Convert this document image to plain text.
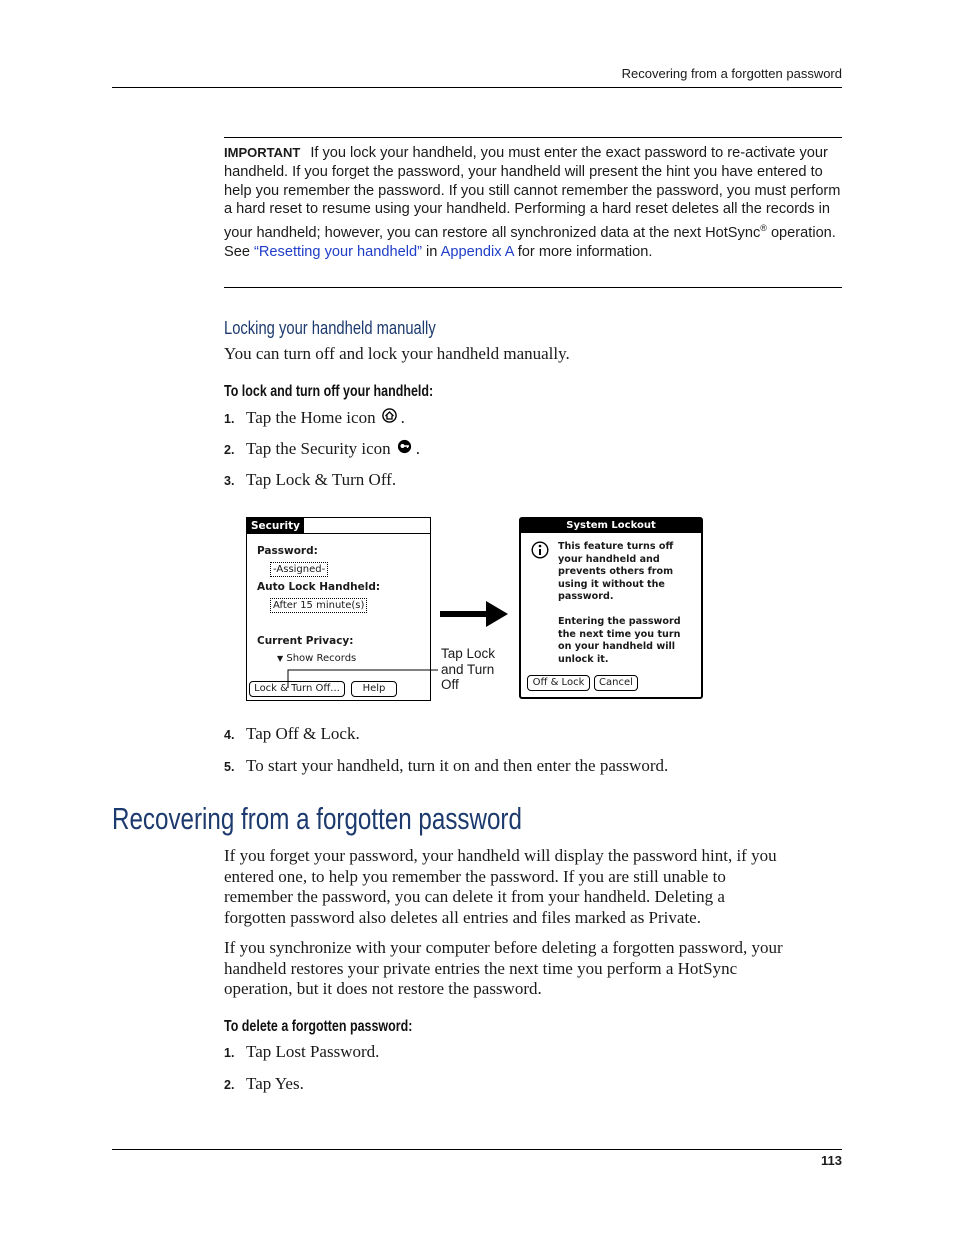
Recovering from a forgotten password
IMPORTANT If you lock your handheld, you must enter the exact password to re-activate your handheld. If you forget the password, your handheld will present the hint you have entered to help you remember the password. If you still cannot remember the password, you must perform a hard reset to resume using your handheld. Performing a hard reset deletes all the records in your handheld; however, you can restore all synchronized data at the next HotSync® operation. See “Resetting your handheld” in Appendix A for more information.
Locking your handheld manually
You can turn off and lock your handheld manually.
To lock and turn off your handheld:
1. Tap the Home icon .
2. Tap the Security icon .
3. Tap Lock & Turn Off.
Security
Password:
-Assigned-
Auto Lock Handheld:
After 15 minute(s)
Current Privacy:
▼ Show Records
Lock & Turn Off...	Help
Tap Lock
and Turn
Off
System Lockout
This feature turns off
your handheld and
prevents others from
using it without the
password.
Entering the password
the next time you turn
on your handheld will
unlock it.
Off & Lock	Cancel
4. Tap Off & Lock.
5. To start your handheld, turn it on and then enter the password.
Recovering from a forgotten password
If you forget your password, your handheld will display the password hint, if you
entered one, to help you remember the password. If you are still unable to
remember the password, you can delete it from your handheld. Deleting a
forgotten password also deletes all entries and files marked as Private.
If you synchronize with your computer before deleting a forgotten password, your
handheld restores your private entries the next time you perform a HotSync
operation, but it does not restore the password.
To delete a forgotten password:
1. Tap Lost Password.
2. Tap Yes.
113
